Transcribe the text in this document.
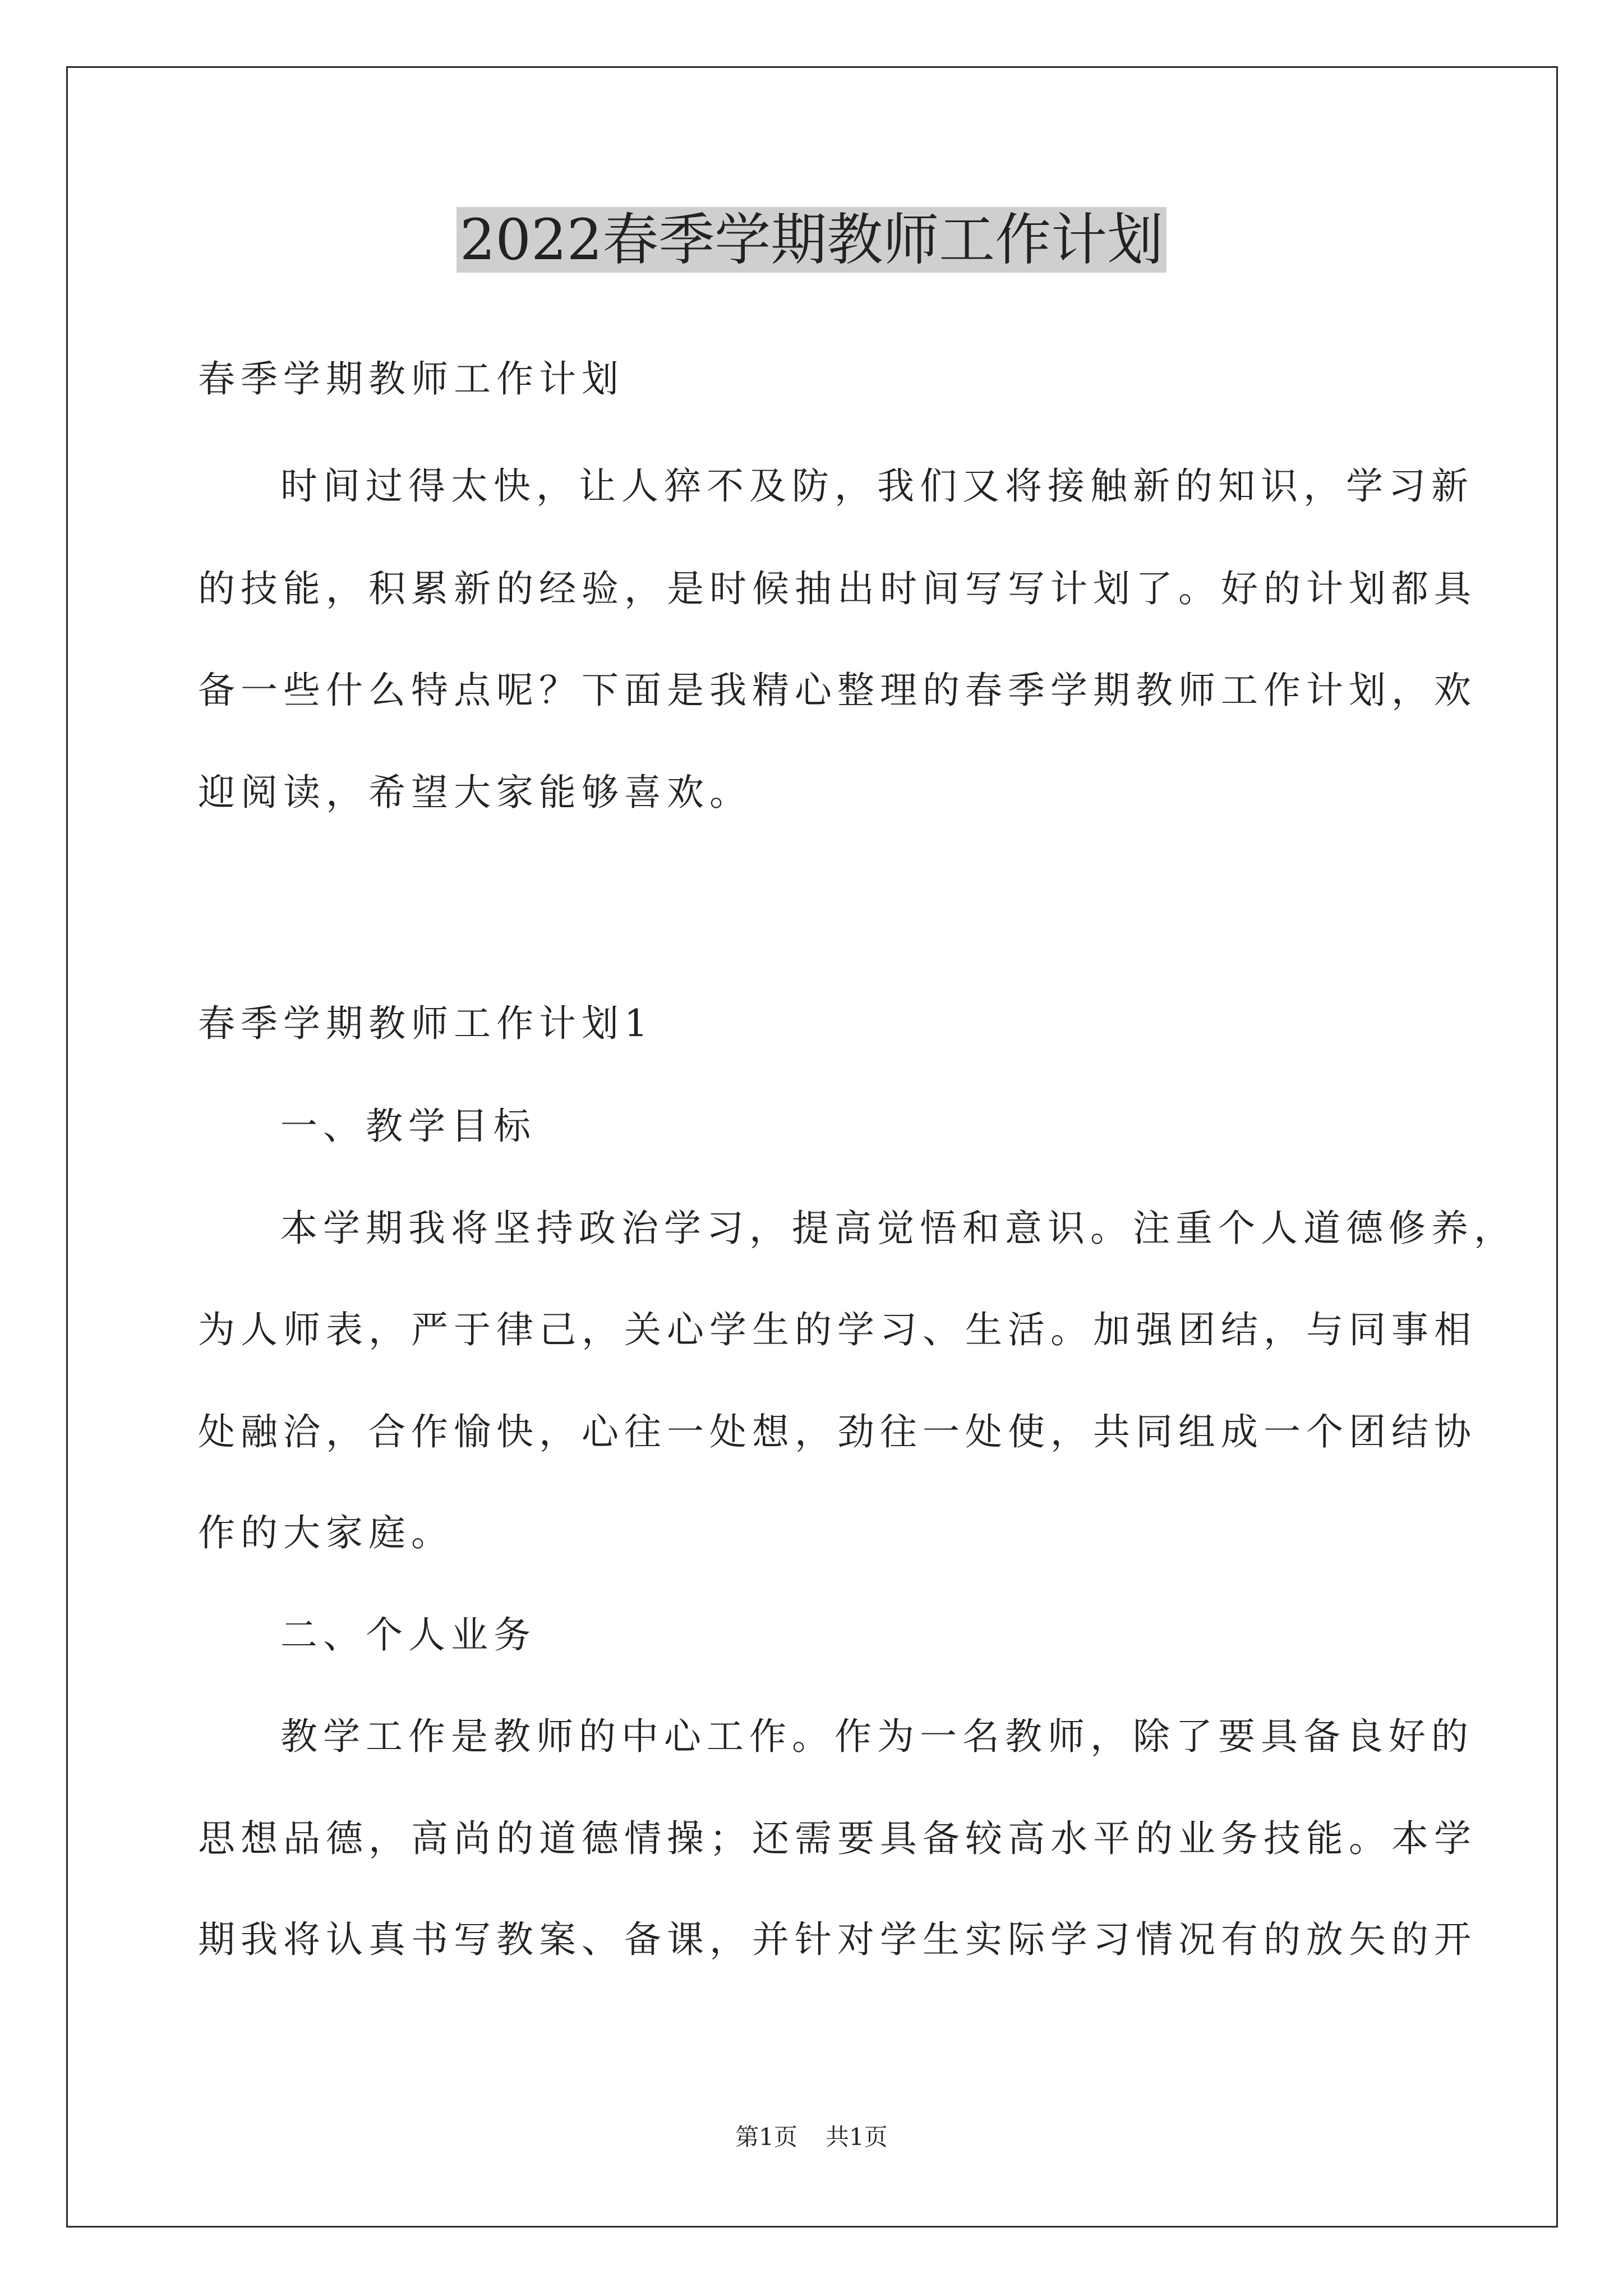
2022春季学期教师工作计划
春季学期教师工作计划
时间过得太快，让人猝不及防，我们又将接触新的知识，学习新
的技能，积累新的经验，是时候抽出时间写写计划了。好的计划都具
备一些什么特点呢？下面是我精心整理的春季学期教师工作计划，欢
迎阅读，希望大家能够喜欢。
春季学期教师工作计划1
一、教学目标
本学期我将坚持政治学习，提高觉悟和意识。注重个人道德修养，
为人师表，严于律己，关心学生的学习、生活。加强团结，与同事相
处融洽，合作愉快，心往一处想，劲往一处使，共同组成一个团结协
作的大家庭。
二、个人业务
教学工作是教师的中心工作。作为一名教师，除了要具备良好的
思想品德，高尚的道德情操；还需要具备较高水平的业务技能。本学
期我将认真书写教案、备课，并针对学生实际学习情况有的放矢的开
第1页 共1页
